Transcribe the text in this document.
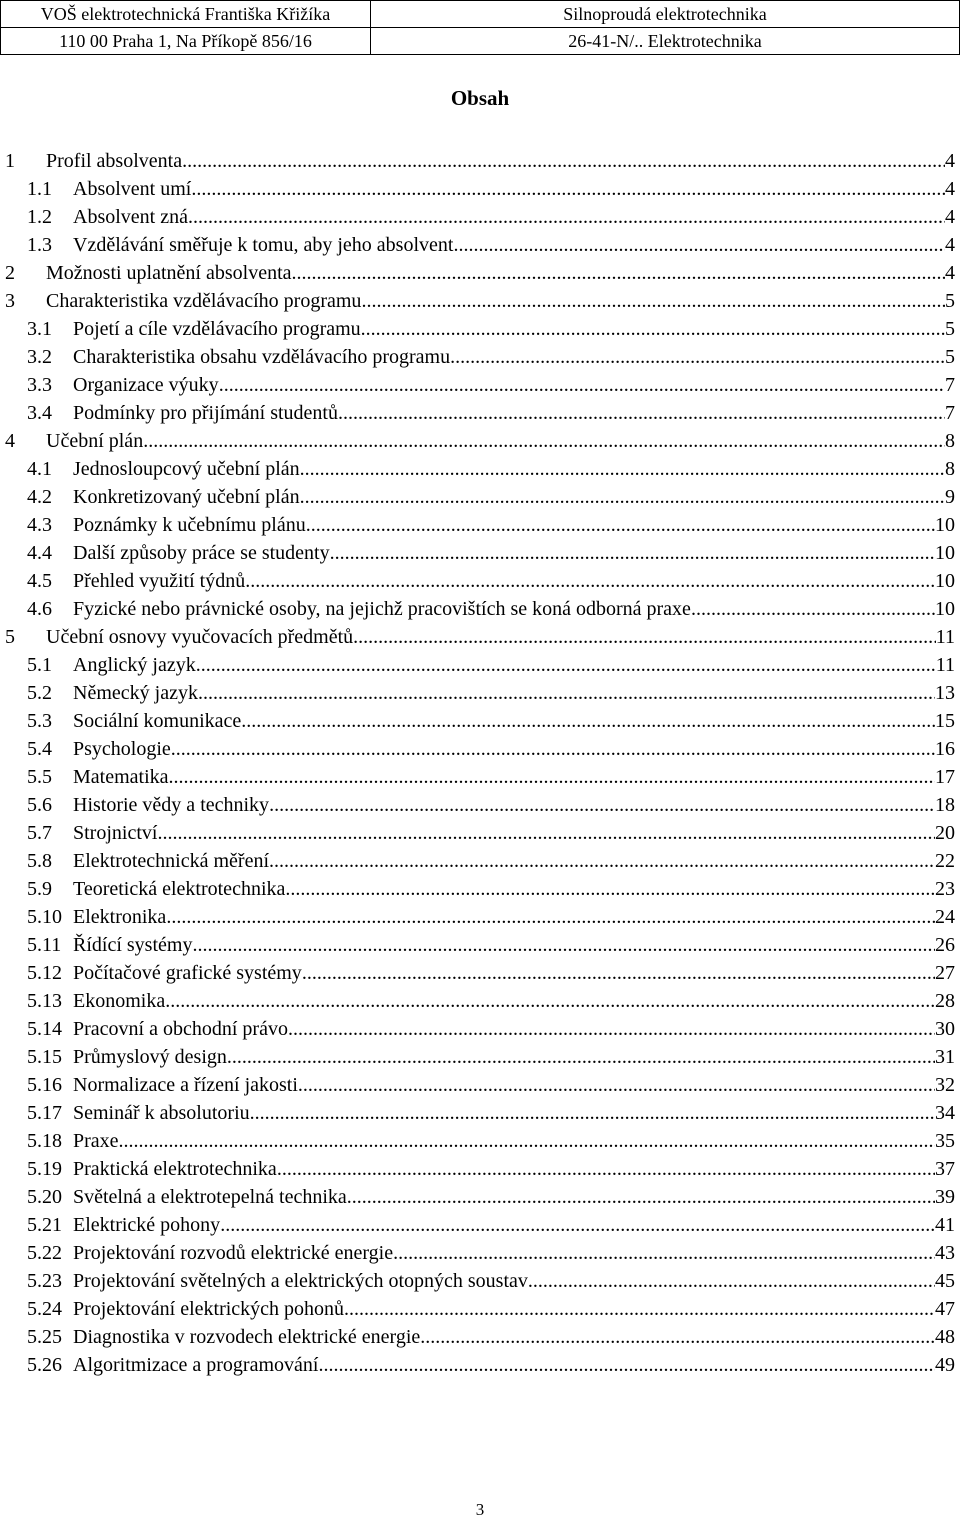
VOŠ elektrotechnická Františka Křižíka	Silnoproudá elektrotechnika
110 00 Praha 1, Na Příkopě 856/16	26-41-N/.. Elektrotechnika
Obsah
1	Profil absolventa .....	4
1.1	Absolvent umí .....	4
1.2	Absolvent zná .....	4
1.3	Vzdělávání směřuje k tomu, aby jeho absolvent .....	4
2	Možnosti uplatnění absolventa .....	4
3	Charakteristika vzdělávacího programu .....	5
3.1	Pojetí a cíle vzdělávacího programu .....	5
3.2	Charakteristika obsahu vzdělávacího programu .....	5
3.3	Organizace výuky .....	7
3.4	Podmínky pro přijímání studentů .....	7
4	Učební plán .....	8
4.1	Jednosloupcový učební plán .....	8
4.2	Konkretizovaný učební plán .....	9
4.3	Poznámky k učebnímu plánu .....	10
4.4	Další způsoby práce se studenty .....	10
4.5	Přehled využití týdnů .....	10
4.6	Fyzické nebo právnické osoby, na jejichž pracovištích se koná odborná praxe .....	10
5	Učební osnovy vyučovacích předmětů .....	11
5.1	Anglický jazyk .....	11
5.2	Německý jazyk .....	13
5.3	Sociální komunikace .....	15
5.4	Psychologie .....	16
5.5	Matematika .....	17
5.6	Historie vědy a techniky .....	18
5.7	Strojnictví .....	20
5.8	Elektrotechnická měření .....	22
5.9	Teoretická elektrotechnika .....	23
5.10 Elektronika .....	24
5.11 Řídící systémy .....	26
5.12 Počítačové grafické systémy .....	27
5.13 Ekonomika .....	28
5.14 Pracovní a obchodní právo .....	30
5.15 Průmyslový design .....	31
5.16 Normalizace a řízení jakosti .....	32
5.17 Seminář k absolutoriu .....	34
5.18 Praxe .....	35
5.19 Praktická elektrotechnika .....	37
5.20 Světelná a elektrotepelná technika .....	39
5.21 Elektrické pohony .....	41
5.22 Projektování rozvodů elektrické energie .....	43
5.23 Projektování světelných a elektrických otopných soustav .....	45
5.24 Projektování elektrických pohonů .....	47
5.25 Diagnostika v rozvodech elektrické energie .....	48
5.26 Algoritmizace a programování .....	49
3
